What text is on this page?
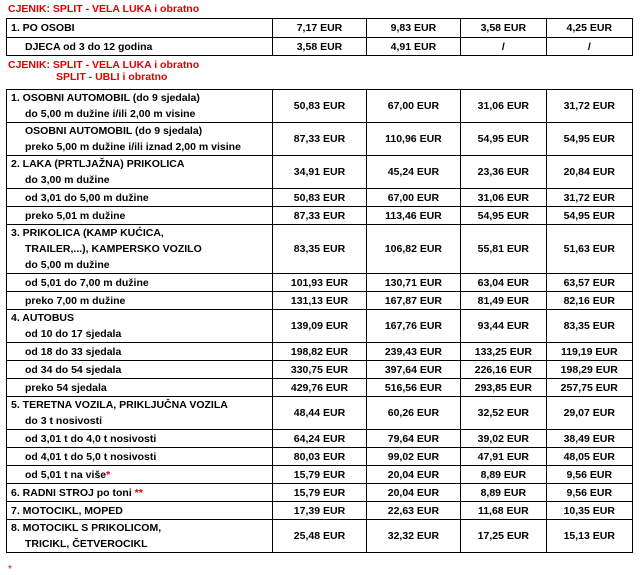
CJENIK: SPLIT - VELA LUKA i obratno
1. PO OSOBI	7,17 EUR	9,83 EUR	3,58 EUR	4,25 EUR
DJECA od 3 do 12 godina	3,58 EUR	4,91 EUR	/	/
CJENIK: SPLIT - VELA LUKA i obratno
SPLIT - UBLI i obratno
1. OSOBNI AUTOMOBIL (do 9 sjedala)
do 5,00 m dužine i/ili 2,00 m visine	50,83 EUR	67,00 EUR	31,06 EUR	31,72 EUR

OSOBNI AUTOMOBIL (do 9 sjedala)
preko 5,00 m dužine i/ili iznad 2,00 m visine	87,33 EUR	110,96 EUR	54,95 EUR	54,95 EUR

2. LAKA (PRTLJAŽNA) PRIKOLICA
do 3,00 m dužine	34,91 EUR	45,24 EUR	23,36 EUR	20,84 EUR

od 3,01 do 5,00 m dužine	50,83 EUR	67,00 EUR	31,06 EUR	31,72 EUR

preko 5,01 m dužine	87,33 EUR	113,46 EUR	54,95 EUR	54,95 EUR

3. PRIKOLICA (KAMP KUĆICA,
TRAILER,...), KAMPERSKO VOZILO
do 5,00 m dužine	83,35 EUR	106,82 EUR	55,81 EUR	51,63 EUR

od 5,01 do 7,00 m dužine	101,93 EUR	130,71 EUR	63,04 EUR	63,57 EUR

preko 7,00 m dužine	131,13 EUR	167,87 EUR	81,49 EUR	82,16 EUR

4. AUTOBUS
od 10 do 17 sjedala	139,09 EUR	167,76 EUR	93,44 EUR	83,35 EUR

od 18 do 33 sjedala	198,82 EUR	239,43 EUR	133,25 EUR	119,19 EUR

od 34 do 54 sjedala	330,75 EUR	397,64 EUR	226,16 EUR	198,29 EUR

preko 54 sjedala	429,76 EUR	516,56 EUR	293,85 EUR	257,75 EUR

5. TERETNA VOZILA, PRIKLJUČNA VOZILA
do 3 t nosivosti	48,44 EUR	60,26 EUR	32,52 EUR	29,07 EUR

od 3,01 t do 4,0 t nosivosti	64,24 EUR	79,64 EUR	39,02 EUR	38,49 EUR

od 4,01 t do 5,0 t nosivosti	80,03 EUR	99,02 EUR	47,91 EUR	48,05 EUR

od 5,01 t na više*	15,79 EUR	20,04 EUR	8,89 EUR	9,56 EUR

6. RADNI STROJ po toni **	15,79 EUR	20,04 EUR	8,89 EUR	9,56 EUR

7. MOTOCIKL, MOPED	17,39 EUR	22,63 EUR	11,68 EUR	10,35 EUR

8. MOTOCIKL S PRIKOLICOM,
TRICIKL, ČETVEROCIKL	25,48 EUR	32,32 EUR	17,25 EUR	15,13 EUR
*
